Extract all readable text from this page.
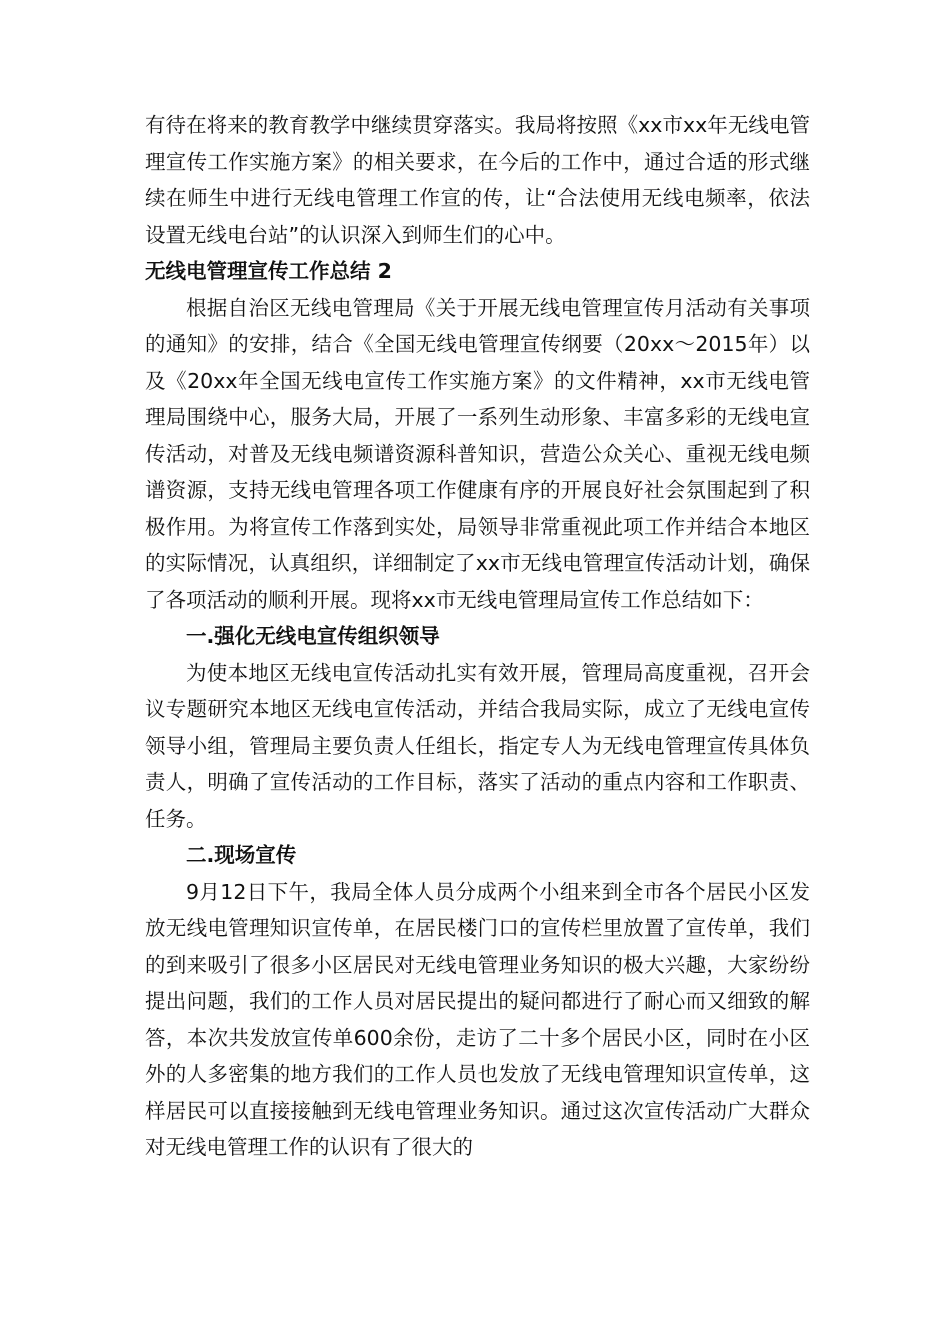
有待在将来的教育教学中继续贯穿落实。我局将按照《xx市xx年无线电管理宣传工作实施方案》的相关要求，在今后的工作中，通过合适的形式继续在师生中进行无线电管理工作宣的传，让“合法使用无线电频率，依法设置无线电台站”的认识深入到师生们的心中。

无线电管理宣传工作总结 2

根据自治区无线电管理局《关于开展无线电管理宣传月活动有关事项的通知》的安排，结合《全国无线电管理宣传纲要（20xx～2015年）以及《20xx年全国无线电宣传工作实施方案》的文件精神，xx市无线电管理局围绕中心，服务大局，开展了一系列生动形象、丰富多彩的无线电宣传活动，对普及无线电频谱资源科普知识，营造公众关心、重视无线电频谱资源，支持无线电管理各项工作健康有序的开展良好社会氛围起到了积极作用。为将宣传工作落到实处，局领导非常重视此项工作并结合本地区的实际情况，认真组织，详细制定了xx市无线电管理宣传活动计划，确保了各项活动的顺利开展。现将xx市无线电管理局宣传工作总结如下：

一.强化无线电宣传组织领导

为使本地区无线电宣传活动扎实有效开展，管理局高度重视，召开会议专题研究本地区无线电宣传活动，并结合我局实际，成立了无线电宣传领导小组，管理局主要负责人任组长，指定专人为无线电管理宣传具体负责人，明确了宣传活动的工作目标，落实了活动的重点内容和工作职责、任务。

二.现场宣传

9月12日下午，我局全体人员分成两个小组来到全市各个居民小区发放无线电管理知识宣传单，在居民楼门口的宣传栏里放置了宣传单，我们的到来吸引了很多小区居民对无线电管理业务知识的极大兴趣，大家纷纷提出问题，我们的工作人员对居民提出的疑问都进行了耐心而又细致的解答，本次共发放宣传单600余份，走访了二十多个居民小区，同时在小区外的人多密集的地方我们的工作人员也发放了无线电管理知识宣传单，这样居民可以直接接触到无线电管理业务知识。通过这次宣传活动广大群众对无线电管理工作的认识有了很大的
